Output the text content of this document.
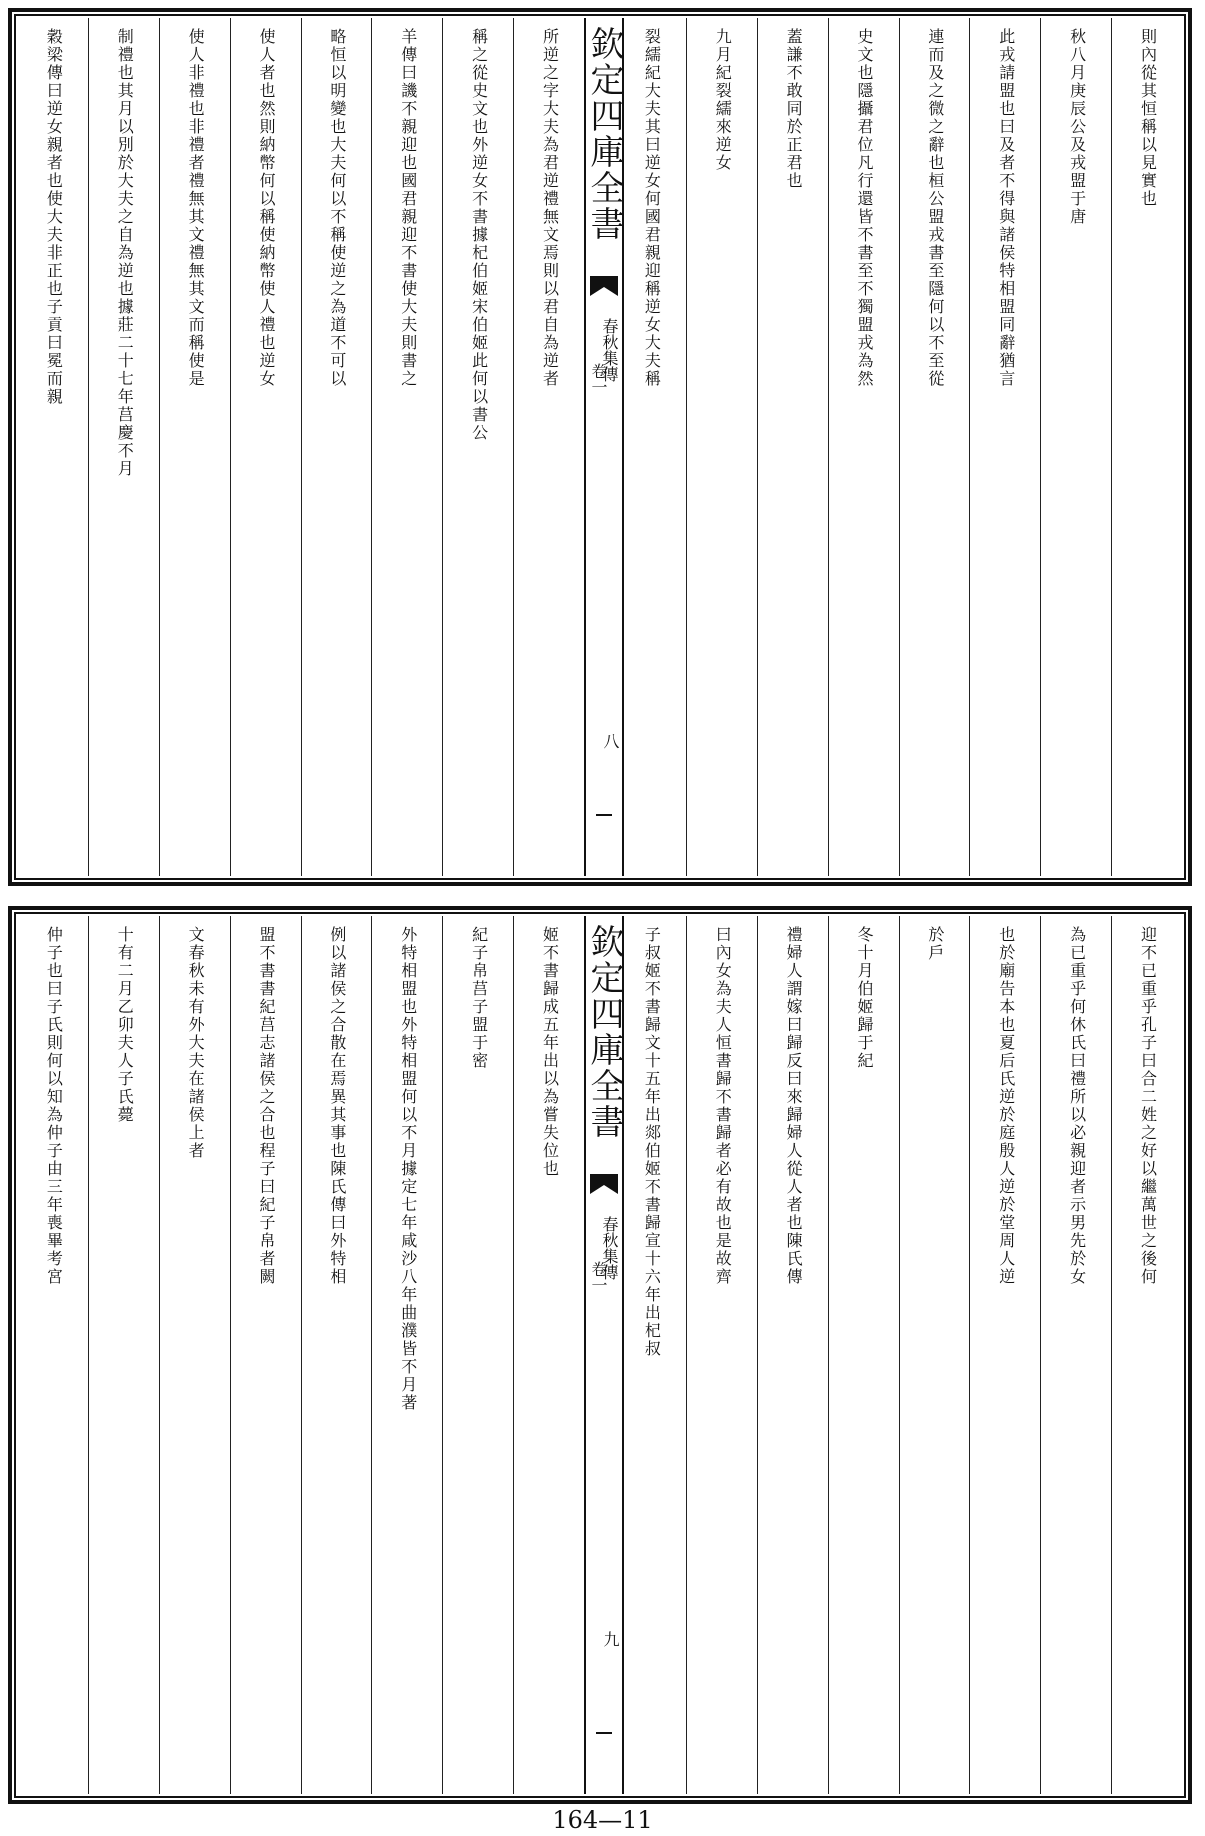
則內從其恒稱以見實也
秋八月庚辰公及戎盟于唐
此戎請盟也曰及者不得與諸侯特相盟同辭猶言
連而及之微之辭也桓公盟戎書至隱何以不至從
史文也隱攝君位凡行還皆不書至不獨盟戎為然
蓋謙不敢同於正君也
九月紀裂繻來逆女
裂繻紀大夫其曰逆女何國君親迎稱逆女大夫稱
欽定四庫全書
春秋集傳
卷一
八
所逆之字大夫為君逆禮無文焉則以君自為逆者
稱之從史文也外逆女不書據杞伯姬宋伯姬此何以書公
羊傳曰譏不親迎也國君親迎不書使大夫則書之
略恒以明變也大夫何以不稱使逆之為道不可以
使人者也然則納幣何以稱使納幣使人禮也逆女
使人非禮也非禮者禮無其文禮無其文而稱使是
制禮也其月以別於大夫之自為逆也據莊二十七年莒慶不月
穀梁傳曰逆女親者也使大夫非正也子貢曰冕而親
迎不已重乎孔子曰合二姓之好以繼萬世之後何
為已重乎何休氏曰禮所以必親迎者示男先於女
也於廟告本也夏后氏逆於庭殷人逆於堂周人逆
於戶
冬十月伯姬歸于紀
禮婦人謂嫁曰歸反曰來歸婦人從人者也陳氏傳
曰內女為夫人恒書歸不書歸者必有故也是故齊
子叔姬不書歸文十五年出郯伯姬不書歸宣十六年出杞叔
欽定四庫全書
春秋集傳
卷一
九
姬不書歸成五年出以為嘗失位也
紀子帛莒子盟于密
外特相盟也外特相盟何以不月據定七年咸沙八年曲濮皆不月著
例以諸侯之合散在焉異其事也陳氏傳曰外特相
盟不書書紀莒志諸侯之合也程子曰紀子帛者闕
文春秋未有外大夫在諸侯上者
十有二月乙卯夫人子氏薨
仲子也曰子氏則何以知為仲子由三年喪畢考宮
164—11
